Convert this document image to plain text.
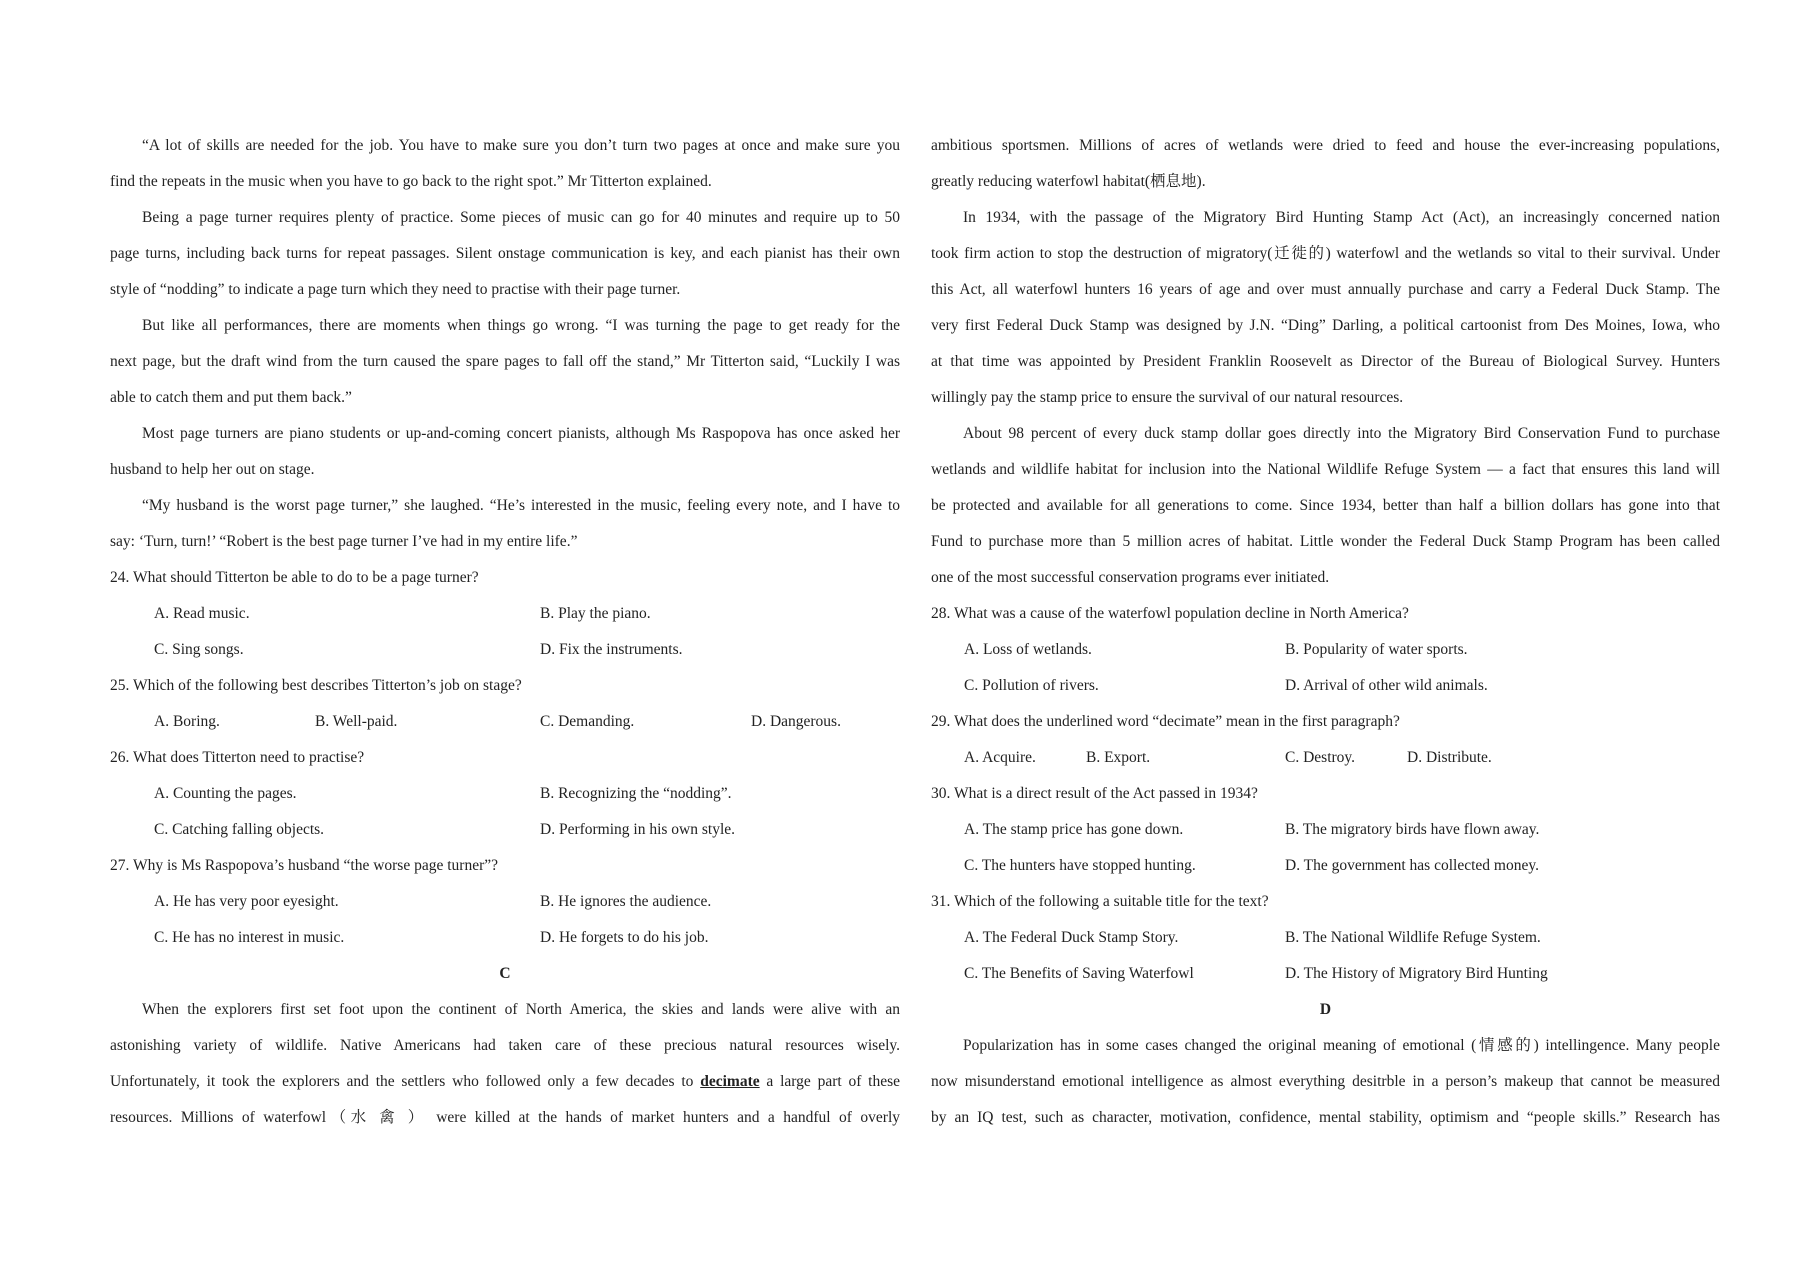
“A lot of skills are needed for the job. You have to make sure you don’t turn two pages at once and make sure you
find the repeats in the music when you have to go back to the right spot.” Mr Titterton explained.
Being a page turner requires plenty of practice. Some pieces of music can go for 40 minutes and require up to 50
page turns, including back turns for repeat passages. Silent onstage communication is key, and each pianist has their own
style of “nodding” to indicate a page turn which they need to practise with their page turner.
But like all performances, there are moments when things go wrong. “I was turning the page to get ready for the
next page, but the draft wind from the turn caused the spare pages to fall off the stand,” Mr Titterton said, “Luckily I was
able to catch them and put them back.”
Most page turners are piano students or up-and-coming concert pianists, although Ms Raspopova has once asked her
husband to help her out on stage.
“My husband is the worst page turner,” she laughed. “He’s interested in the music, feeling every note, and I have to
say: ‘Turn, turn!’ “Robert is the best page turner I’ve had in my entire life.”
24. What should Titterton be able to do to be a page turner?
A. Read music.	B. Play the piano.
C. Sing songs.	D. Fix the instruments.
25. Which of the following best describes Titterton’s job on stage?
A. Boring.	B. Well-paid.	C. Demanding.	D. Dangerous.
26. What does Titterton need to practise?
A. Counting the pages.	B. Recognizing the “nodding”.
C. Catching falling objects.	D. Performing in his own style.
27. Why is Ms Raspopova’s husband “the worse page turner”?
A. He has very poor eyesight.	B. He ignores the audience.
C. He has no interest in music.	D. He forgets to do his job.
C
When the explorers first set foot upon the continent of North America, the skies and lands were alive with an
astonishing variety of wildlife. Native Americans had taken care of these precious natural resources wisely.
Unfortunately, it took the explorers and the settlers who followed only a few decades to decimate a large part of these
resources. Millions of waterfowl（水 禽 ） were killed at the hands of market hunters and a handful of overly
ambitious sportsmen. Millions of acres of wetlands were dried to feed and house the ever-increasing populations,
greatly reducing waterfowl habitat(栖息地).
In 1934, with the passage of the Migratory Bird Hunting Stamp Act (Act), an increasingly concerned nation
took firm action to stop the destruction of migratory(迁徙的) waterfowl and the wetlands so vital to their survival. Under
this Act, all waterfowl hunters 16 years of age and over must annually purchase and carry a Federal Duck Stamp. The
very first Federal Duck Stamp was designed by J.N. “Ding” Darling, a political cartoonist from Des Moines, Iowa, who
at that time was appointed by President Franklin Roosevelt as Director of the Bureau of Biological Survey. Hunters
willingly pay the stamp price to ensure the survival of our natural resources.
About 98 percent of every duck stamp dollar goes directly into the Migratory Bird Conservation Fund to purchase
wetlands and wildlife habitat for inclusion into the National Wildlife Refuge System — a fact that ensures this land will
be protected and available for all generations to come. Since 1934, better than half a billion dollars has gone into that
Fund to purchase more than 5 million acres of habitat. Little wonder the Federal Duck Stamp Program has been called
one of the most successful conservation programs ever initiated.
28. What was a cause of the waterfowl population decline in North America?
A. Loss of wetlands.	B. Popularity of water sports.
C. Pollution of rivers.	D. Arrival of other wild animals.
29. What does the underlined word “decimate” mean in the first paragraph?
A. Acquire.	B. Export.	C. Destroy.	D. Distribute.
30. What is a direct result of the Act passed in 1934?
A. The stamp price has gone down.	B. The migratory birds have flown away.
C. The hunters have stopped hunting.	D. The government has collected money.
31. Which of the following a suitable title for the text?
A. The Federal Duck Stamp Story.	B. The National Wildlife Refuge System.
C. The Benefits of Saving Waterfowl	D. The History of Migratory Bird Hunting
D
Popularization has in some cases changed the original meaning of emotional (情感的) intellingence. Many people
now misunderstand emotional intelligence as almost everything desitrble in a person’s makeup that cannot be measured
by an IQ test, such as character, motivation, confidence, mental stability, optimism and “people skills.” Research has
